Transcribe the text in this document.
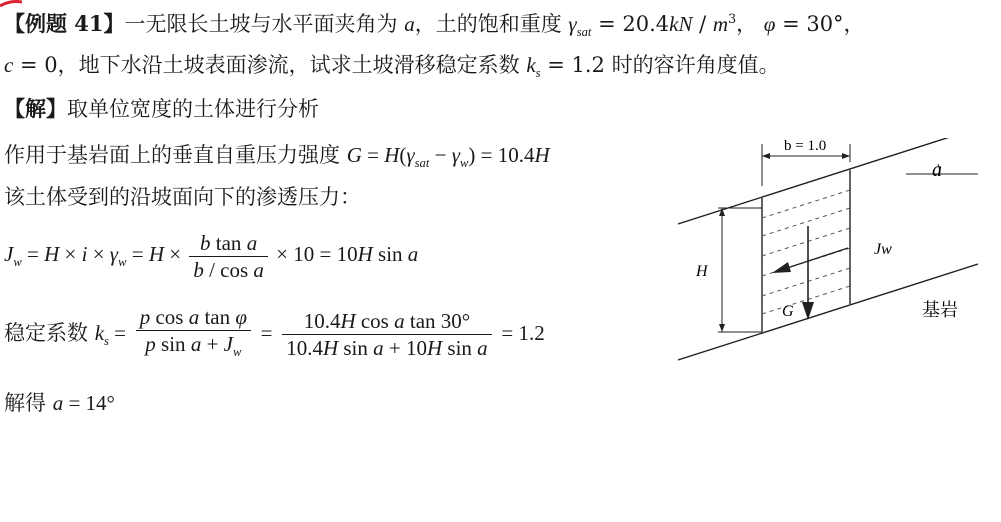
【例题 41】一无限长土坡与水平面夹角为 a，土的饱和重度 $\gamma_{sat} = 20.4kN / m^3$， φ = 30°，
c = 0，地下水沿土坡表面渗流，试求土坡滑移稳定系数 $k_s = 1.2$ 时的容许角度值。
【解】取单位宽度的土体进行分析
作用于基岩面上的垂直自重压力强度 $G = H(\gamma_{sat} - \gamma_w) = 10.4H$
该土体受到的沿坡面向下的渗透压力：
$J_w = H \times i \times \gamma_w = H \times \frac{\text{b tan a}}{\text{b / cos a}} \times 10 = 10H$ sin a
稳定系数 $k_s = \frac{\text{p cos a tan φ}}{p \sin a + J_w} = \frac{\text{10.4H cos a tan 30°}}{\text{10.4H sin a + 10H sin a}} = 1.2$
解得 a = 14°
a
b = 1.0
H
G
Jw
基岩
